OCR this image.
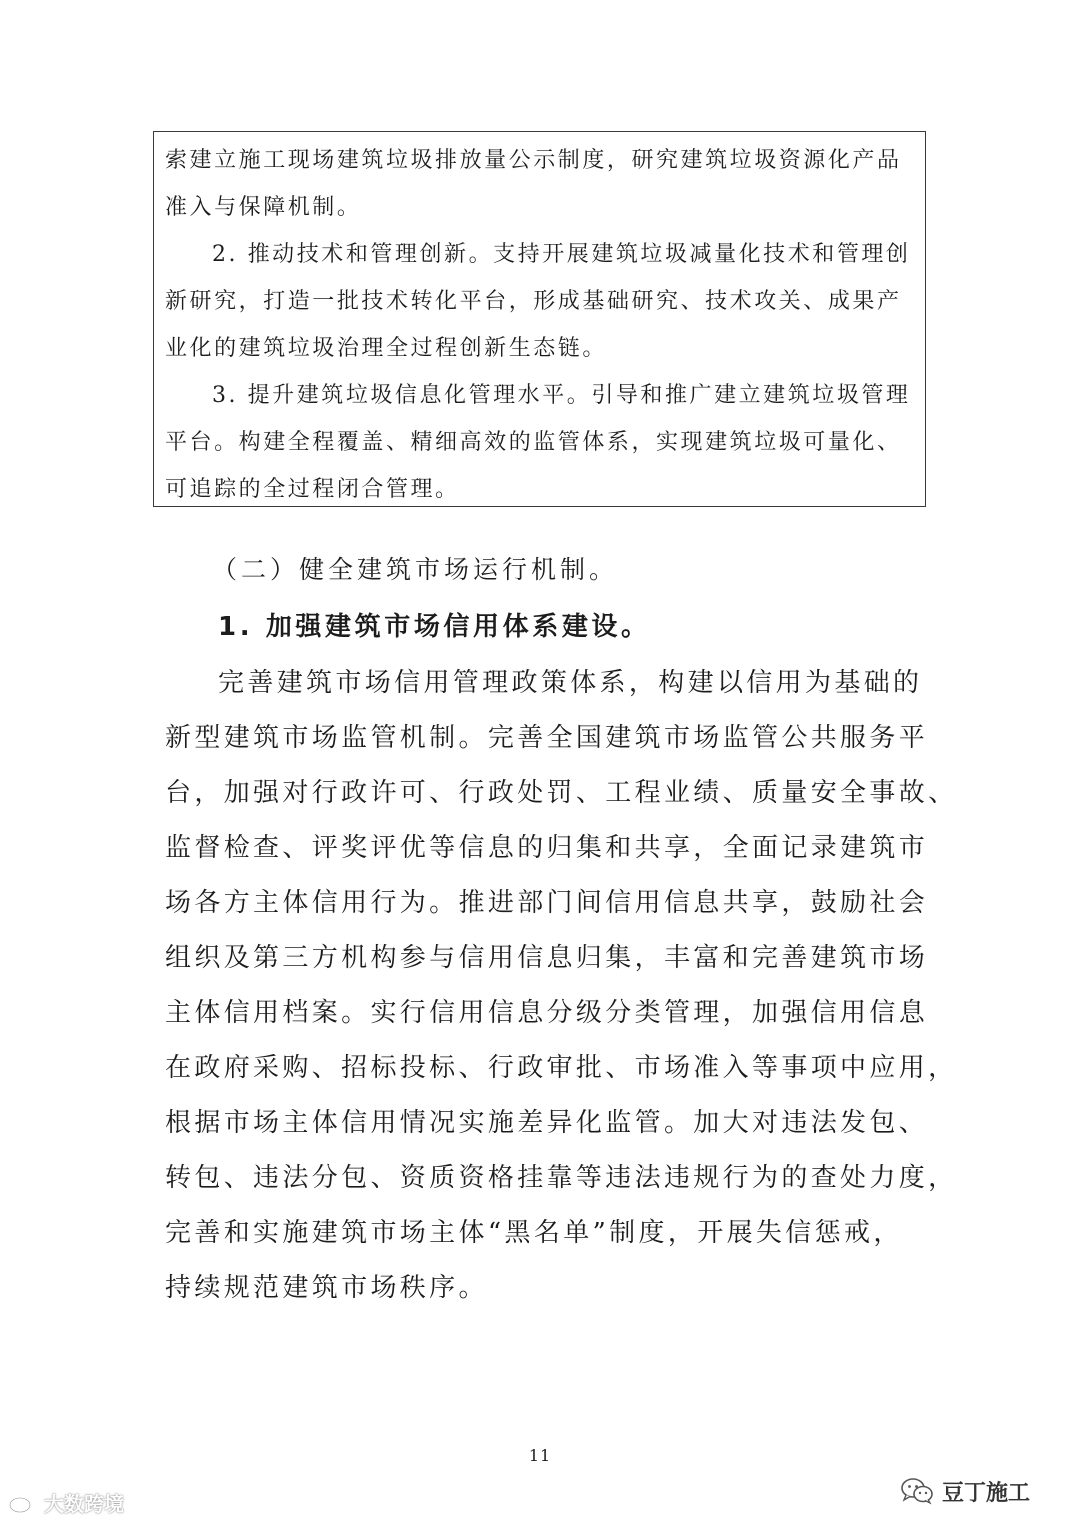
索建立施工现场建筑垃圾排放量公示制度，研究建筑垃圾资源化产品
准入与保障机制。
2. 推动技术和管理创新。支持开展建筑垃圾减量化技术和管理创
新研究，打造一批技术转化平台，形成基础研究、技术攻关、成果产
业化的建筑垃圾治理全过程创新生态链。
3. 提升建筑垃圾信息化管理水平。引导和推广建立建筑垃圾管理
平台。构建全程覆盖、精细高效的监管体系，实现建筑垃圾可量化、
可追踪的全过程闭合管理。
（二）健全建筑市场运行机制。
1. 加强建筑市场信用体系建设。
完善建筑市场信用管理政策体系，构建以信用为基础的
新型建筑市场监管机制。完善全国建筑市场监管公共服务平
台，加强对行政许可、行政处罚、工程业绩、质量安全事故、
监督检查、评奖评优等信息的归集和共享，全面记录建筑市
场各方主体信用行为。推进部门间信用信息共享，鼓励社会
组织及第三方机构参与信用信息归集，丰富和完善建筑市场
主体信用档案。实行信用信息分级分类管理，加强信用信息
在政府采购、招标投标、行政审批、市场准入等事项中应用，
根据市场主体信用情况实施差异化监管。加大对违法发包、
转包、违法分包、资质资格挂靠等违法违规行为的查处力度，
完善和实施建筑市场主体“黑名单”制度，开展失信惩戒，
持续规范建筑市场秩序。
11
大数跨境	豆丁施工
